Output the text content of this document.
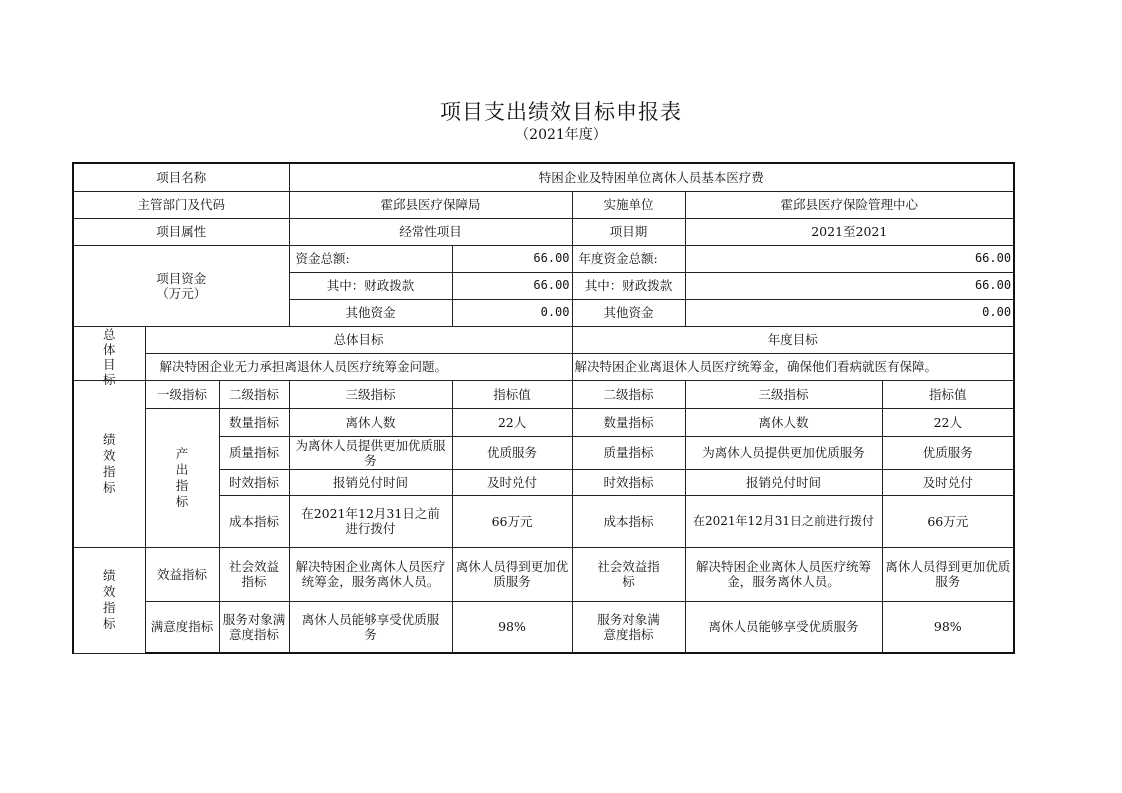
项目支出绩效目标申报表
（2021年度）
项目名称			特困企业及特困单位离休人员基本医疗费				
主管部门及代码			霍邱县医疗保障局		实施单位	霍邱县医疗保险管理中心	
项目属性			经常性项目		项目期	2021至2021	

项目资金
（万元）			资金总额:	66.00	年度资金总额:	66.00	
			其中：财政拨款	66.00	其中：财政拨款	66.00	
			其他资金	0.00	其他资金	0.00	

总体目标	总体目标				年度目标		
	解决特困企业无力承担离退休人员医疗统筹金问题。				解决特困企业离退休人员医疗统筹金，确保他们看病就医有保障。		
绩效指标	一级指标	二级指标	三级指标	指标值	二级指标	三级指标	指标值
	产出指标	数量指标	离休人数	22人	数量指标	离休人数	22人
		质量指标	为离休人员提供更加优质服务	优质服务	质量指标	为离休人员提供更加优质服务	优质服务
		时效指标	报销兑付时间	及时兑付	时效指标	报销兑付时间	及时兑付
		成本指标	在2021年12月31日之前进行拨付	66万元	成本指标	在2021年12月31日之前进行拨付	66万元
绩效指标	效益指标	社会效益指标	解决特困企业离休人员医疗统筹金，服务离休人员。	离休人员得到更加优质服务	社会效益指标	解决特困企业离休人员医疗统筹金，服务离休人员。	离休人员得到更加优质服务
	满意度指标	服务对象满意度指标	离休人员能够享受优质服务	98%	服务对象满意度指标	离休人员能够享受优质服务	98%
